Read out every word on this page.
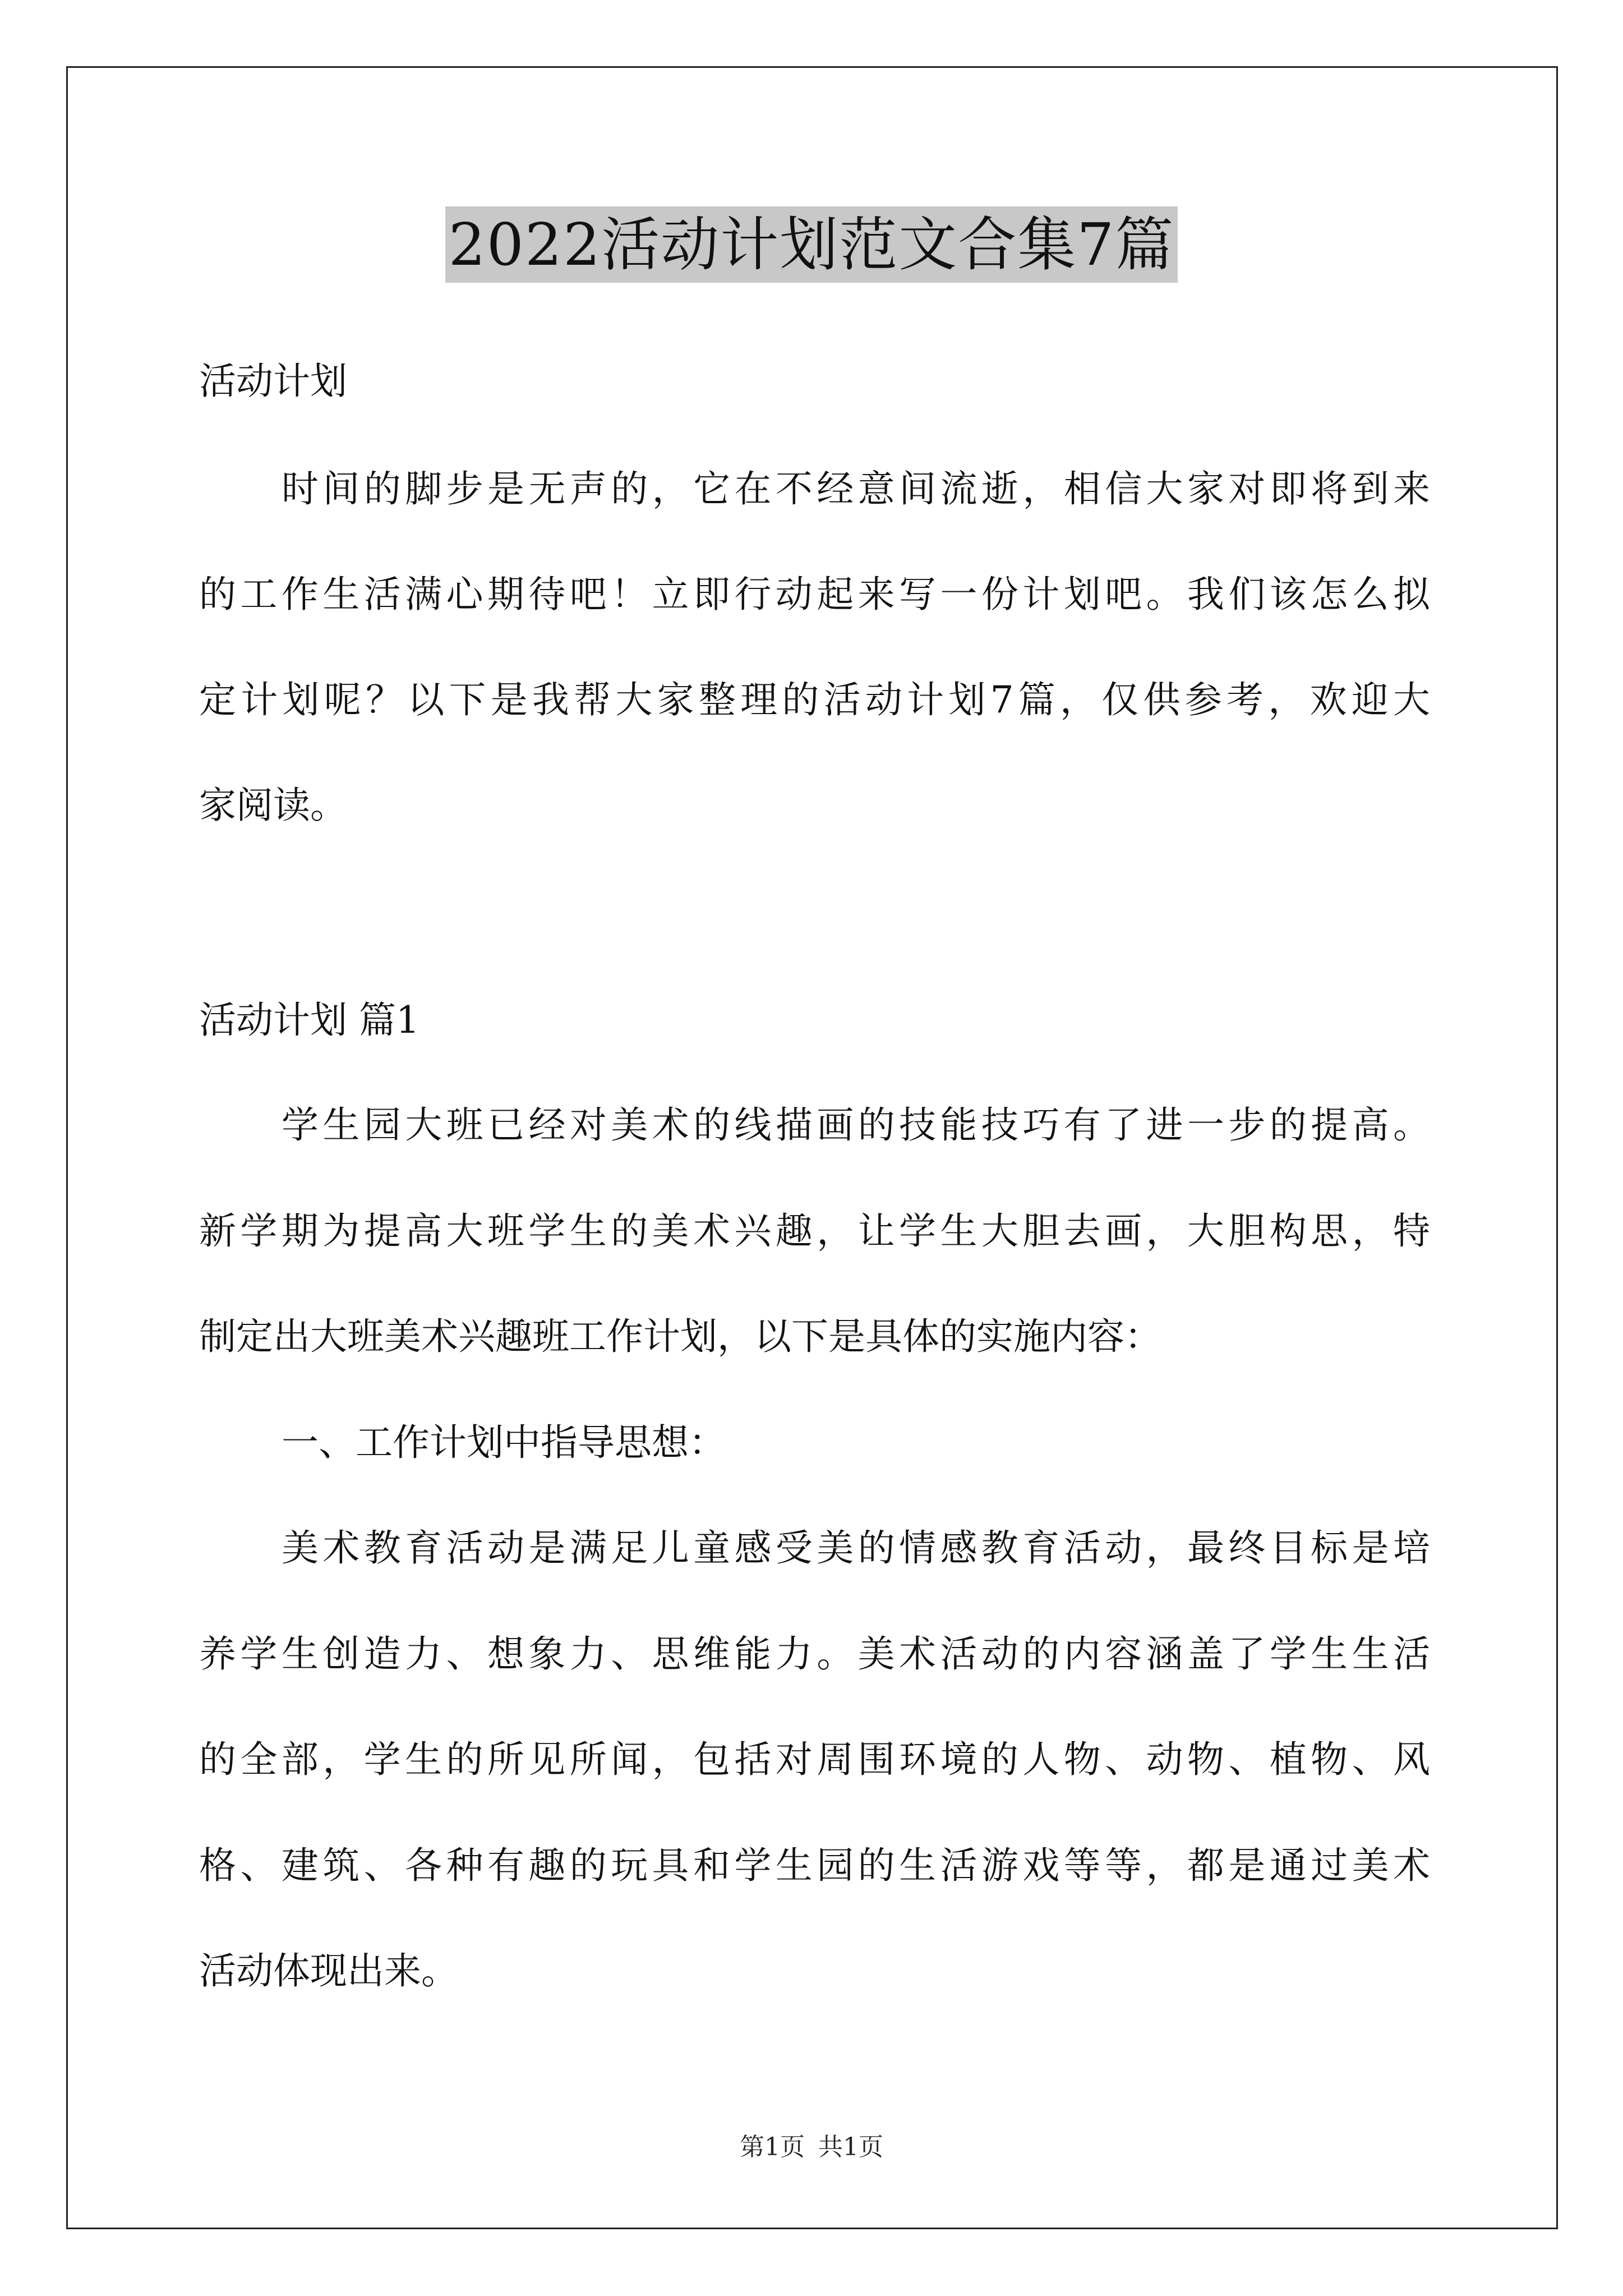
2022活动计划范文合集7篇
活动计划
时间的脚步是无声的，它在不经意间流逝，相信大家对即将到来
的工作生活满心期待吧！立即行动起来写一份计划吧。我们该怎么拟
定计划呢？以下是我帮大家整理的活动计划7篇，仅供参考，欢迎大
家阅读。
活动计划 篇1
学生园大班已经对美术的线描画的技能技巧有了进一步的提高。
新学期为提高大班学生的美术兴趣，让学生大胆去画，大胆构思，特
制定出大班美术兴趣班工作计划，以下是具体的实施内容：
一、工作计划中指导思想：
美术教育活动是满足儿童感受美的情感教育活动，最终目标是培
养学生创造力、想象力、思维能力。美术活动的内容涵盖了学生生活
的全部，学生的所见所闻，包括对周围环境的人物、动物、植物、风
格、建筑、各种有趣的玩具和学生园的生活游戏等等，都是通过美术
活动体现出来。
第1页 共1页
